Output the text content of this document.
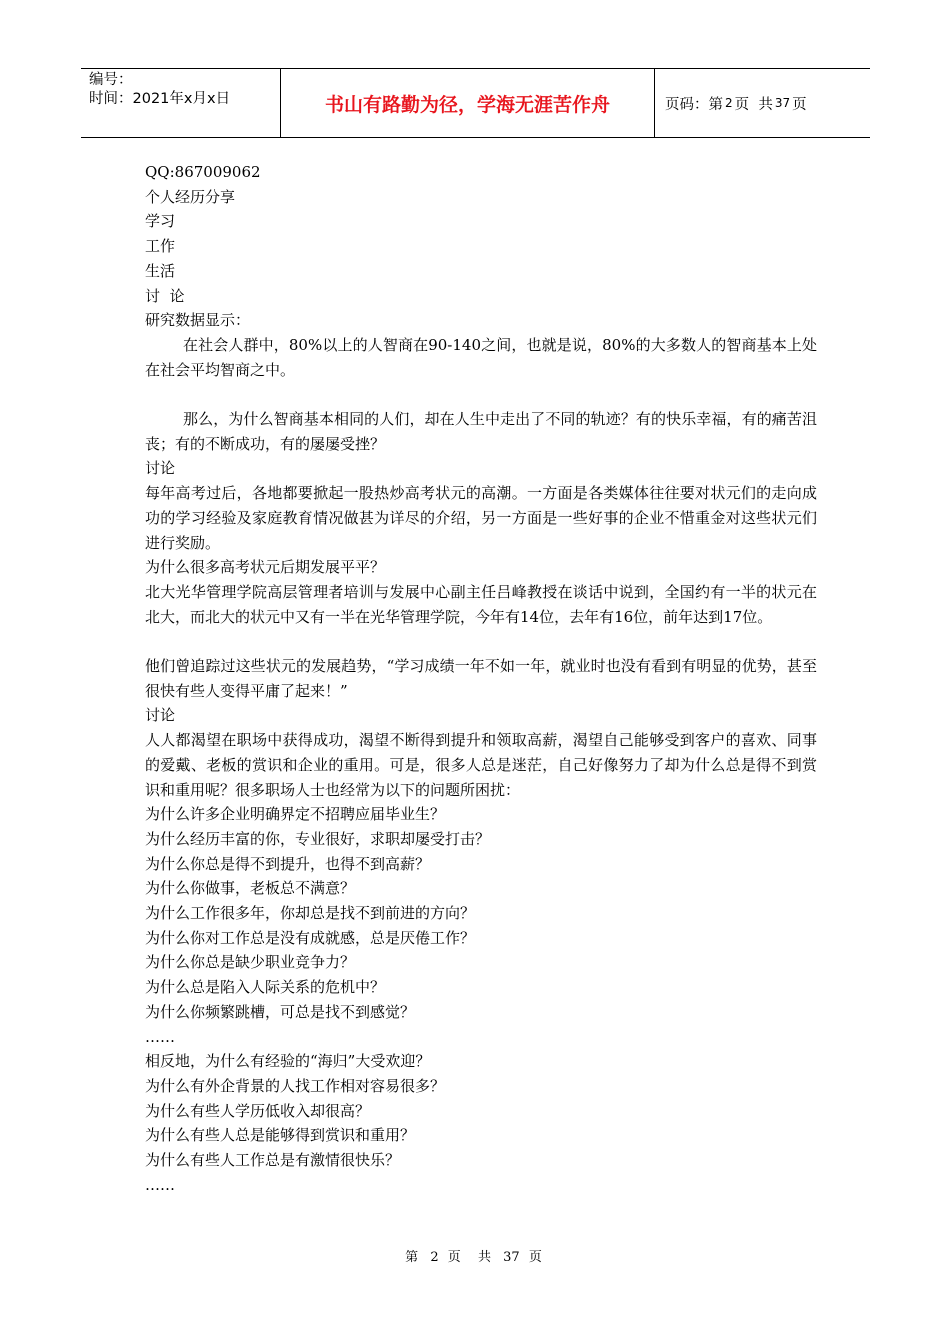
编号：
时间：2021年x月x日	书山有路勤为径，学海无涯苦作舟	页码：第 2 页  共 37 页

QQ:867009062

个人经历分享

学习

工作

生活

讨  论

研究数据显示：

在社会人群中，80%以上的人智商在90-140之间，也就是说，80%的大多数人的智商基本上处在社会平均智商之中。

那么，为什么智商基本相同的人们，却在人生中走出了不同的轨迹？有的快乐幸福，有的痛苦沮丧；有的不断成功，有的屡屡受挫？

讨论

每年高考过后，各地都要掀起一股热炒高考状元的高潮。一方面是各类媒体往往要对状元们的走向成功的学习经验及家庭教育情况做甚为详尽的介绍，另一方面是一些好事的企业不惜重金对这些状元们进行奖励。

为什么很多高考状元后期发展平平？

北大光华管理学院高层管理者培训与发展中心副主任吕峰教授在谈话中说到，全国约有一半的状元在北大，而北大的状元中又有一半在光华管理学院，今年有14位，去年有16位，前年达到17位。

他们曾追踪过这些状元的发展趋势，“学习成绩一年不如一年，就业时也没有看到有明显的优势，甚至很快有些人变得平庸了起来！”

讨论

人人都渴望在职场中获得成功，渴望不断得到提升和领取高薪，渴望自己能够受到客户的喜欢、同事的爱戴、老板的赏识和企业的重用。可是，很多人总是迷茫，自己好像努力了却为什么总是得不到赏识和重用呢？很多职场人士也经常为以下的问题所困扰：

为什么许多企业明确界定不招聘应届毕业生？

为什么经历丰富的你，专业很好，求职却屡受打击？

为什么你总是得不到提升，也得不到高薪？

为什么你做事，老板总不满意？

为什么工作很多年，你却总是找不到前进的方向？

为什么你对工作总是没有成就感，总是厌倦工作？

为什么你总是缺少职业竞争力？

为什么总是陷入人际关系的危机中？

为什么你频繁跳槽，可总是找不到感觉？

……

相反地，为什么有经验的“海归”大受欢迎？

为什么有外企背景的人找工作相对容易很多？

为什么有些人学历低收入却很高？

为什么有些人总是能够得到赏识和重用？

为什么有些人工作总是有激情很快乐？

……

第 2 页  共 37 页
